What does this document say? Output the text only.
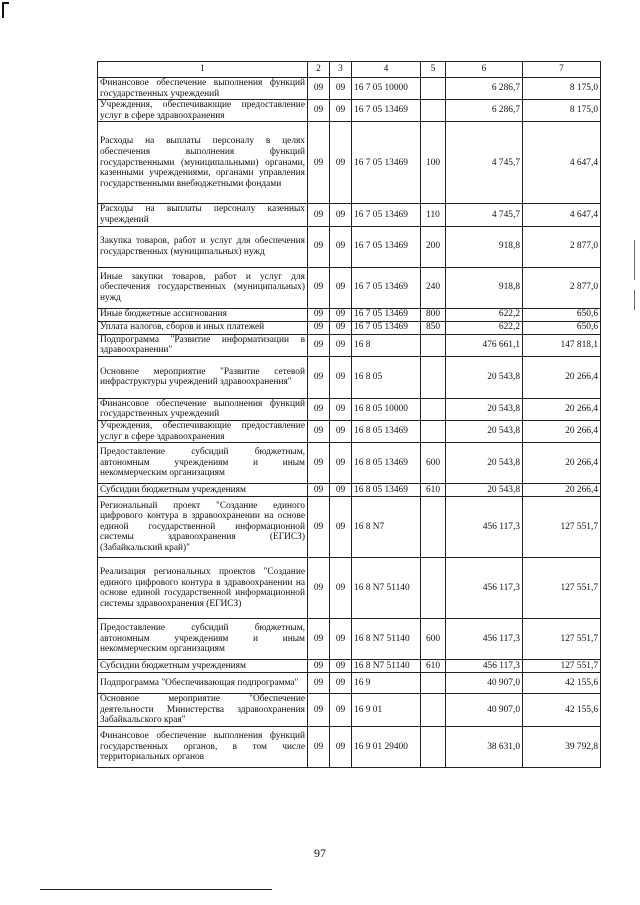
1	2	3	4	5	6	7
Финансовое обеспечение выполнения функций государственных учреждений	09	09	16 7 05 10000		6 286,7	8 175,0
Учреждения, обеспечивающие предоставление услуг в сфере здравоохранения	09	09	16 7 05 13469		6 286,7	8 175,0
Расходы на выплаты персоналу в целях обеспечения выполнения функций государственными (муниципальными) органами, казенными учреждениями, органами управления государственными внебюджетными фондами	09	09	16 7 05 13469	100	4 745,7	4 647,4
Расходы на выплаты персоналу казенных учреждений	09	09	16 7 05 13469	110	4 745,7	4 647,4
Закупка товаров, работ и услуг для обеспечения государственных (муниципальных) нужд	09	09	16 7 05 13469	200	918,8	2 877,0
Иные закупки товаров, работ и услуг для обеспечения государственных (муниципальных) нужд	09	09	16 7 05 13469	240	918,8	2 877,0
Иные бюджетные ассигнования	09	09	16 7 05 13469	800	622,2	650,6
Уплата налогов, сборов и иных платежей	09	09	16 7 05 13469	850	622,2	650,6
Подпрограмма "Развитие информатизации в здравоохранении"	09	09	16 8		476 661,1	147 818,1
Основное мероприятие "Развитие сетевой инфраструктуры учреждений здравоохранения"	09	09	16 8 05		20 543,8	20 266,4
Финансовое обеспечение выполнения функций государственных учреждений	09	09	16 8 05 10000		20 543,8	20 266,4
Учреждения, обеспечивающие предоставление услуг в сфере здравоохранения	09	09	16 8 05 13469		20 543,8	20 266,4
Предоставление субсидий бюджетным, автономным учреждениям и иным некоммерческим организациям	09	09	16 8 05 13469	600	20 543,8	20 266,4
Субсидии бюджетным учреждениям	09	09	16 8 05 13469	610	20 543,8	20 266,4
Региональный проект "Создание единого цифрового контура в здравоохранении на основе единой государственной информационной системы здравоохранения (ЕГИСЗ) (Забайкальский край)"	09	09	16 8 N7		456 117,3	127 551,7
Реализация региональных проектов "Создание единого цифрового контура в здравоохранении на основе единой государственной информационной системы здравоохранения (ЕГИСЗ)	09	09	16 8 N7 51140		456 117,3	127 551,7
Предоставление субсидий бюджетным, автономным учреждениям и иным некоммерческим организациям	09	09	16 8 N7 51140	600	456 117,3	127 551,7
Субсидии бюджетным учреждениям	09	09	16 8 N7 51140	610	456 117,3	127 551,7
Подпрограмма "Обеспечивающая подпрограмма"	09	09	16 9		40 907,0	42 155,6
Основное мероприятие "Обеспечение деятельности Министерства здравоохранения Забайкальского края"	09	09	16 9 01		40 907,0	42 155,6
Финансовое обеспечение выполнения функций государственных органов, в том числе территориальных органов	09	09	16 9 01 29400		38 631,0	39 792,8
97
